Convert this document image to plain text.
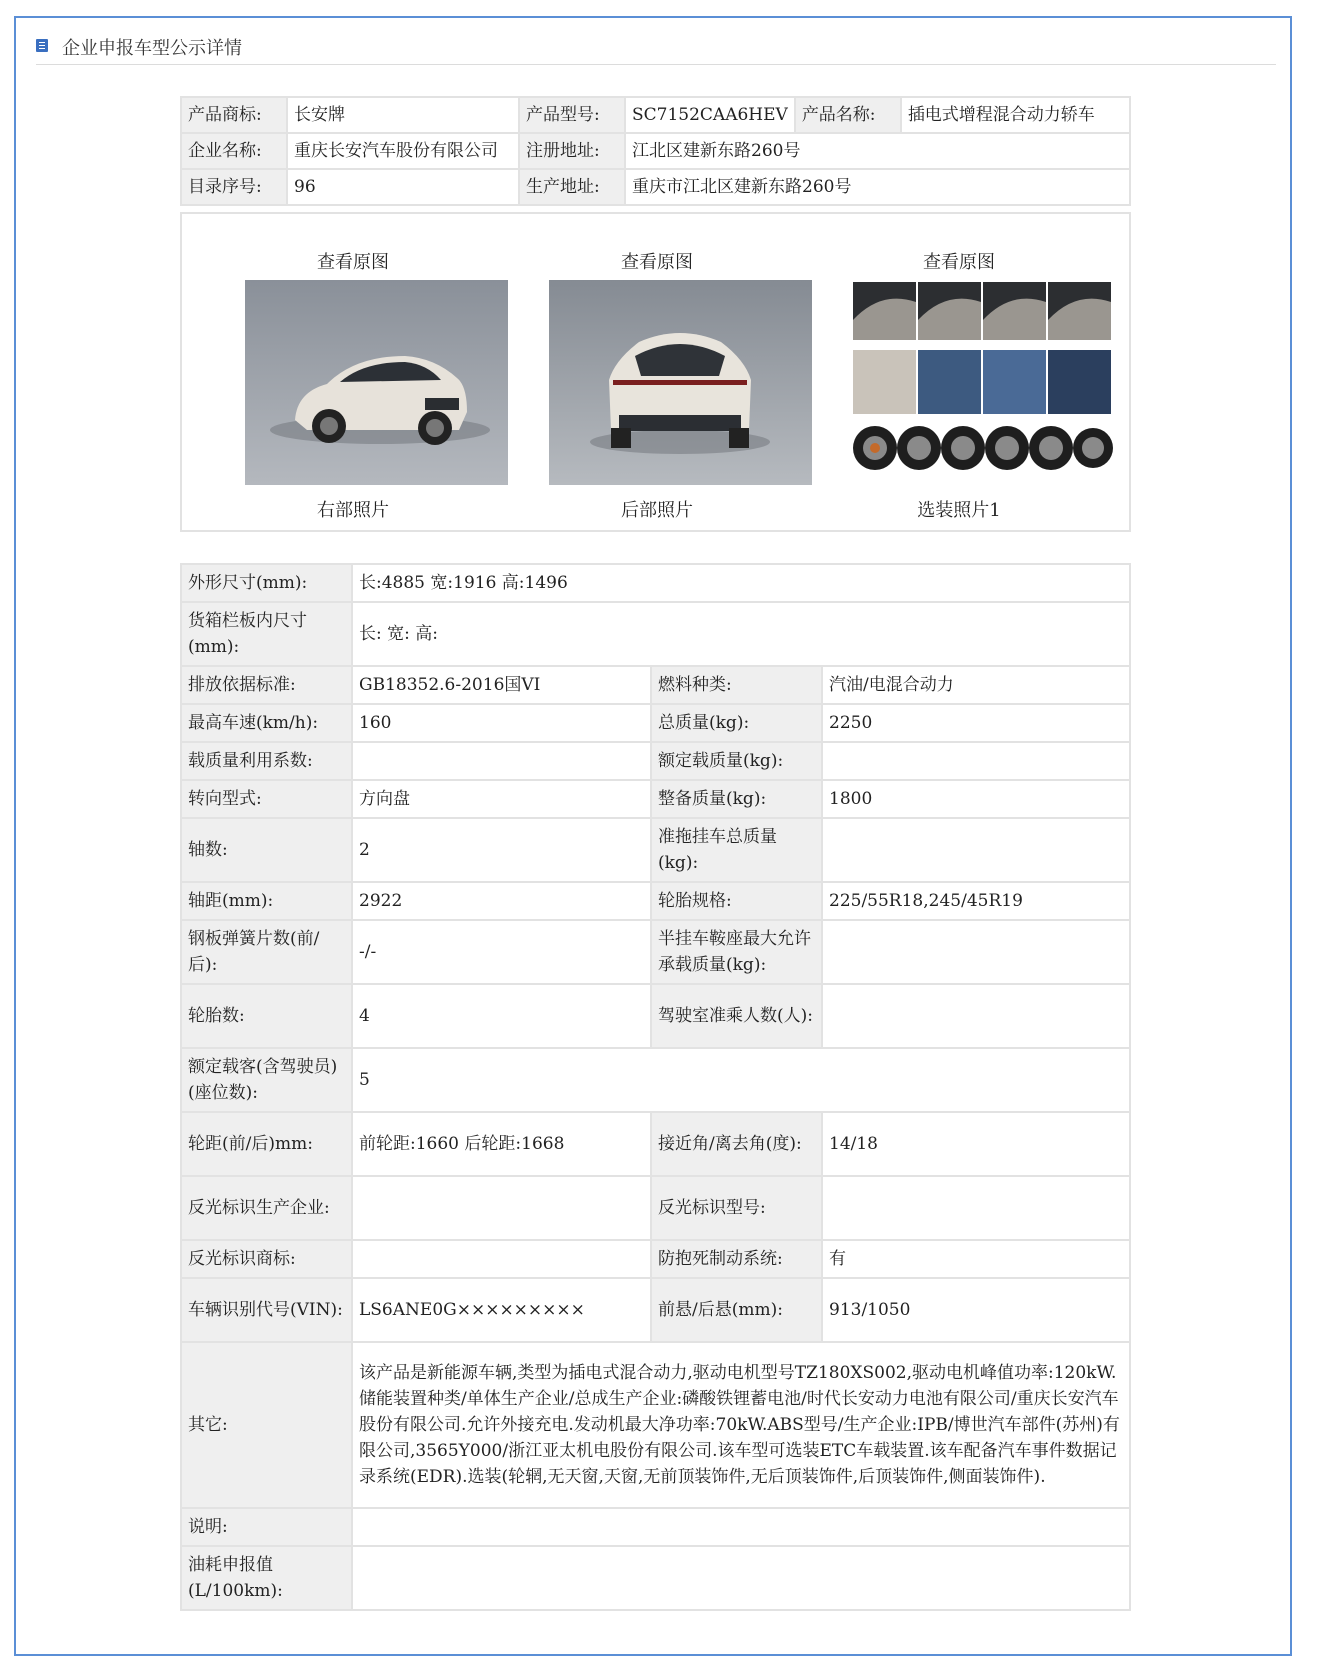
企业申报车型公示详情
产品商标:	长安牌	产品型号:	SC7152CAA6HEV	产品名称:	插电式增程混合动力轿车
企业名称:	重庆长安汽车股份有限公司	注册地址:	江北区建新东路260号		
目录序号:	96	生产地址:	重庆市江北区建新东路260号		
查看原图
右部照片
查看原图
后部照片
查看原图
选装照片1
外形尺寸(mm):	长:4885 宽:1916 高:1496		
货箱栏板内尺寸(mm):	长: 宽: 高:		
排放依据标准:	GB18352.6-2016国VI	燃料种类:	汽油/电混合动力
最高车速(km/h):	160	总质量(kg):	2250
载质量利用系数:		额定载质量(kg):	
转向型式:	方向盘	整备质量(kg):	1800
轴数:	2	准拖挂车总质量(kg):	
轴距(mm):	2922	轮胎规格:	225/55R18,245/45R19
钢板弹簧片数(前/后):	-/-	半挂车鞍座最大允许承载质量(kg):	
轮胎数:	4	驾驶室准乘人数(人):	
额定载客(含驾驶员)(座位数):	5		
轮距(前/后)mm:	前轮距:1660 后轮距:1668	接近角/离去角(度):	14/18
反光标识生产企业:		反光标识型号:	
反光标识商标:		防抱死制动系统:	有
车辆识别代号(VIN):	LS6ANE0G×××××××××	前悬/后悬(mm):	913/1050
其它:	该产品是新能源车辆,类型为插电式混合动力,驱动电机型号TZ180XS002,驱动电机峰值功率:120kW.储能装置种类/单体生产企业/总成生产企业:磷酸铁锂蓄电池/时代长安动力电池有限公司/重庆长安汽车股份有限公司.允许外接充电.发动机最大净功率:70kW.ABS型号/生产企业:IPB/博世汽车部件(苏州)有限公司,3565Y000/浙江亚太机电股份有限公司.该车型可选装ETC车载装置.该车配备汽车事件数据记录系统(EDR).选装(轮辋,无天窗,天窗,无前顶装饰件,无后顶装饰件,后顶装饰件,侧面装饰件).		
说明:			
油耗申报值(L/100km):			
